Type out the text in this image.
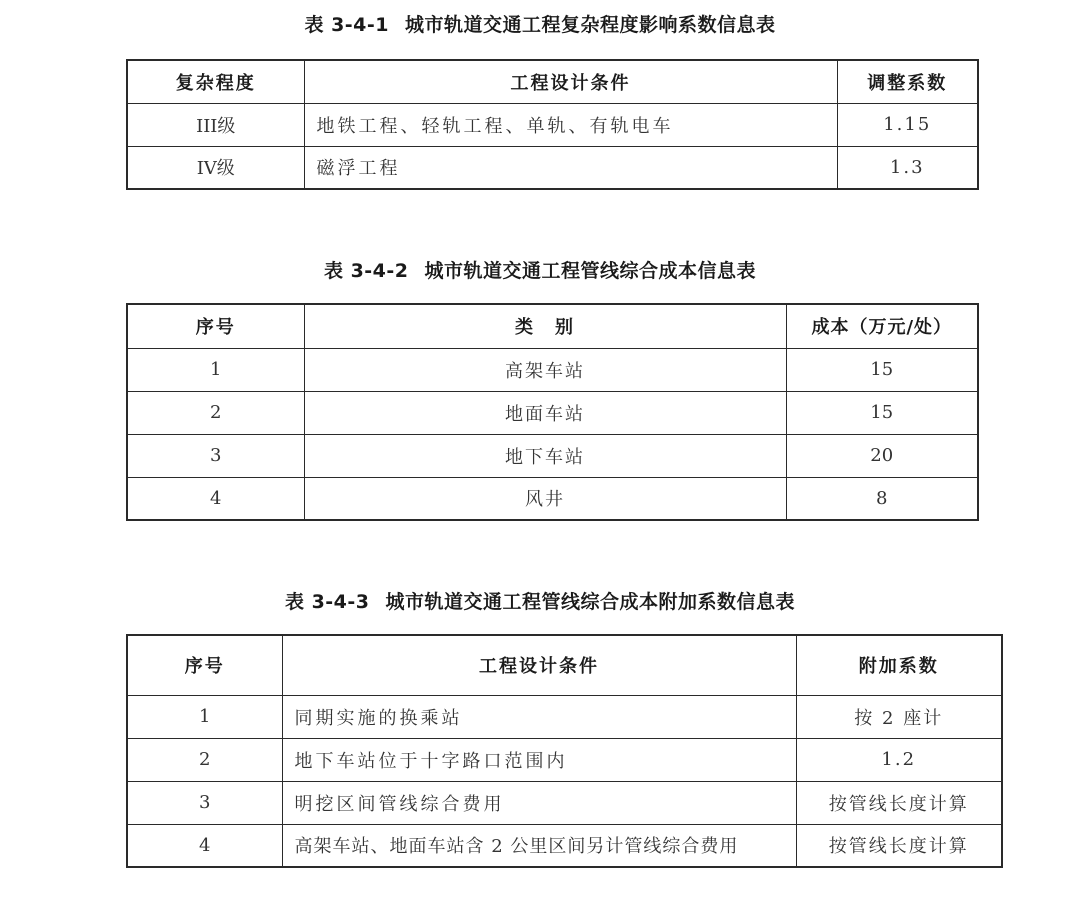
表 3-4-1 城市轨道交通工程复杂程度影响系数信息表
复杂程度	工程设计条件	调整系数
III级	地铁工程、轻轨工程、单轨、有轨电车	1.15
IV级	磁浮工程	1.3
表 3-4-2 城市轨道交通工程管线综合成本信息表
序号	类　别	成本（万元/处）
1	高架车站	15
2	地面车站	15
3	地下车站	20
4	风井	8
表 3-4-3 城市轨道交通工程管线综合成本附加系数信息表
序号	工程设计条件	附加系数
1	同期实施的换乘站	按 2 座计
2	地下车站位于十字路口范围内	1.2
3	明挖区间管线综合费用	按管线长度计算
4	高架车站、地面车站含 2 公里区间另计管线综合费用	按管线长度计算
